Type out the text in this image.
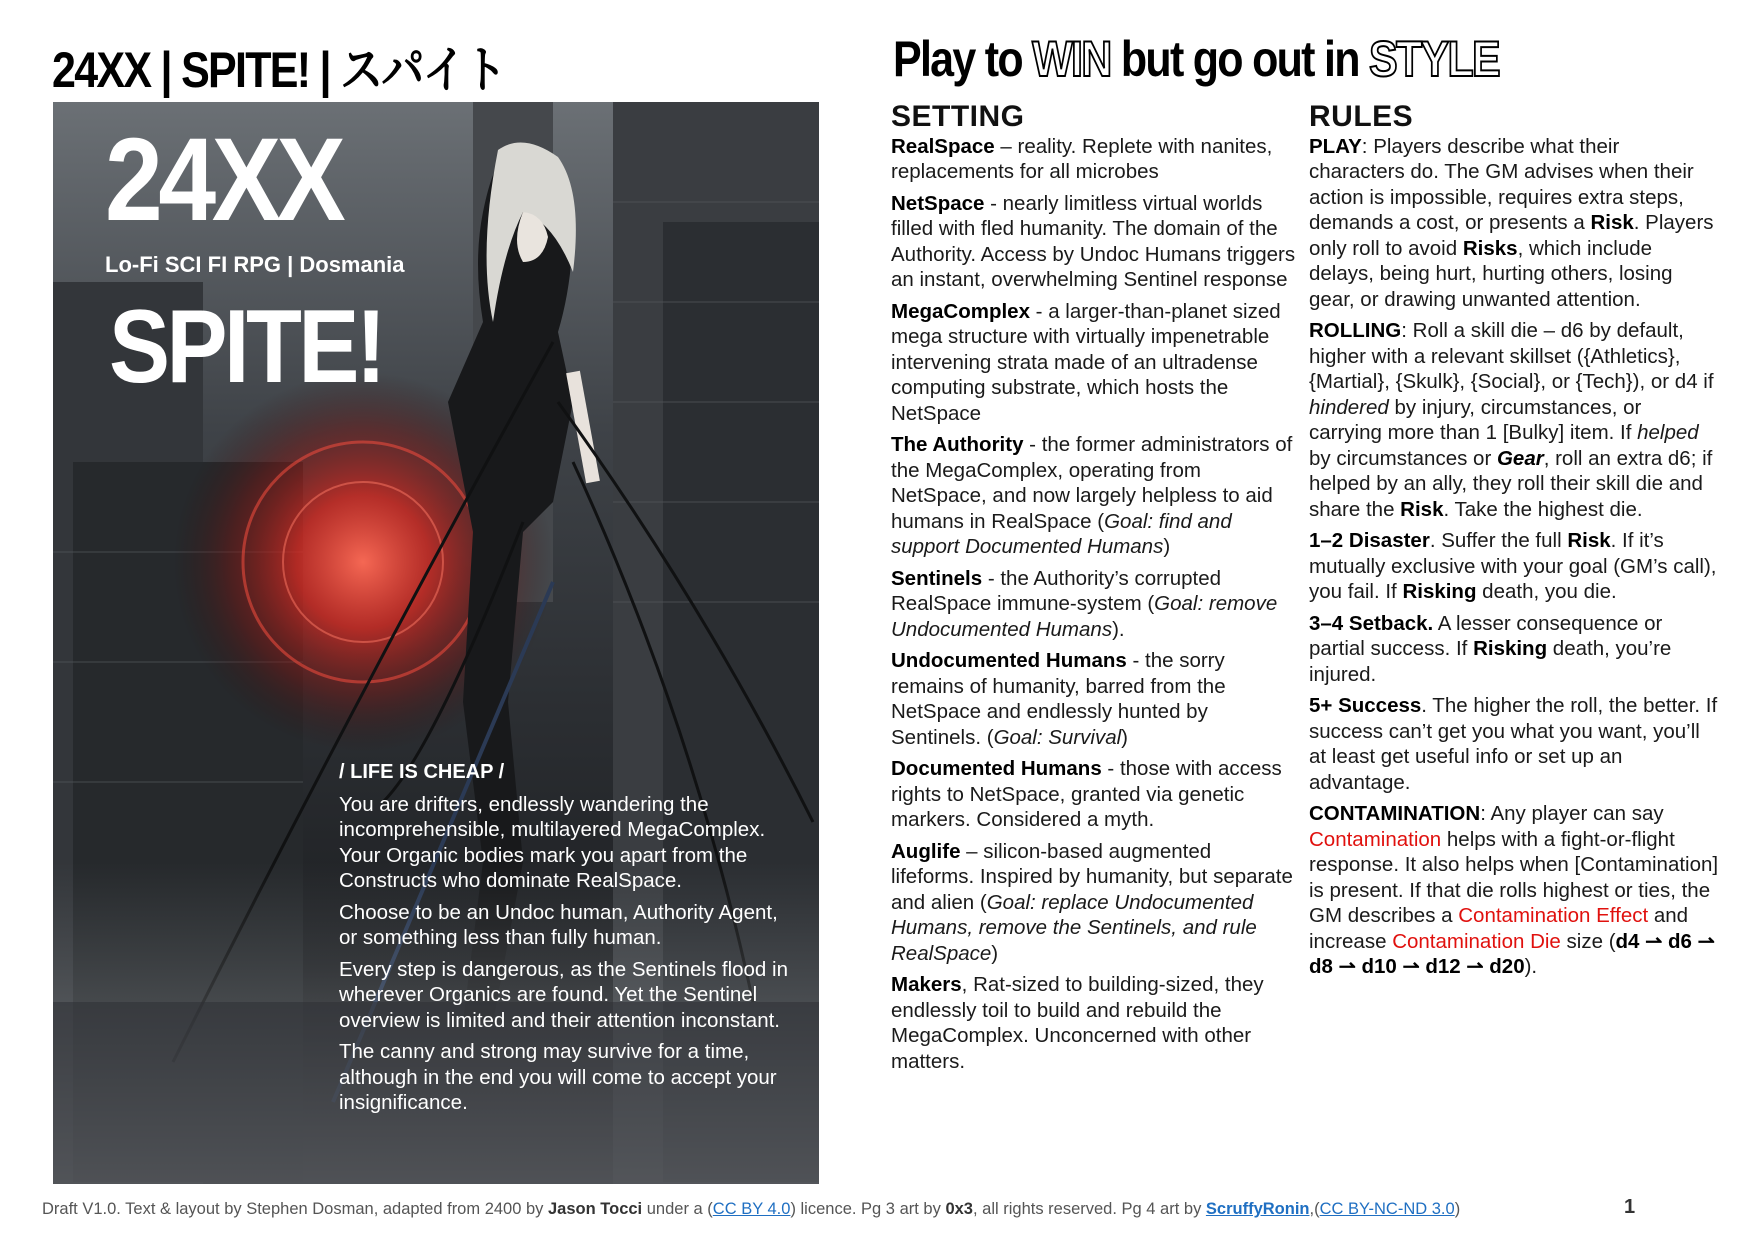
24XX | SPITE! | スパイト	Play to WIN but go out in STYLE
24XX
Lo-Fi SCI FI RPG | Dosmania
SPITE!
/ LIFE IS CHEAP /

You are drifters, endlessly wandering the incomprehensible, multilayered MegaComplex. Your Organic bodies mark you apart from the Constructs who dominate RealSpace.

Choose to be an Undoc human, Authority Agent, or something less than fully human.

Every step is dangerous, as the Sentinels flood in wherever Organics are found. Yet the Sentinel overview is limited and their attention inconstant.

The canny and strong may survive for a time, although in the end you will come to accept your insignificance.

SETTING

RealSpace – reality. Replete with nanites, replacements for all microbes

NetSpace - nearly limitless virtual worlds filled with fled humanity. The domain of the Authority. Access by Undoc Humans triggers an instant, overwhelming Sentinel response

MegaComplex - a larger-than-planet sized mega structure with virtually impenetrable intervening strata made of an ultradense computing substrate, which hosts the NetSpace

The Authority - the former administrators of the MegaComplex, operating from NetSpace, and now largely helpless to aid humans in RealSpace (Goal: find and support Documented Humans)

Sentinels - the Authority’s corrupted RealSpace immune-system (Goal: remove Undocumented Humans).

Undocumented Humans - the sorry remains of humanity, barred from the NetSpace and endlessly hunted by Sentinels. (Goal: Survival)

Documented Humans - those with access rights to NetSpace, granted via genetic markers. Considered a myth.

Auglife – silicon-based augmented lifeforms. Inspired by humanity, but separate and alien (Goal: replace Undocumented Humans, remove the Sentinels, and rule RealSpace)

Makers, Rat-sized to building-sized, they endlessly toil to build and rebuild the MegaComplex. Unconcerned with other matters.

RULES

PLAY: Players describe what their characters do. The GM advises when their action is impossible, requires extra steps, demands a cost, or presents a Risk. Players only roll to avoid Risks, which include delays, being hurt, hurting others, losing gear, or drawing unwanted attention.

ROLLING: Roll a skill die – d6 by default, higher with a relevant skillset ({Athletics}, {Martial}, {Skulk}, {Social}, or {Tech}), or d4 if hindered by injury, circumstances, or carrying more than 1 [Bulky] item. If helped by circumstances or Gear, roll an extra d6; if helped by an ally, they roll their skill die and share the Risk. Take the highest die.

1–2 Disaster. Suffer the full Risk. If it’s mutually exclusive with your goal (GM’s call), you fail. If Risking death, you die.

3–4 Setback. A lesser consequence or partial success. If Risking death, you’re injured.

5+ Success. The higher the roll, the better. If success can’t get you what you want, you’ll at least get useful info or set up an advantage.

CONTAMINATION: Any player can say Contamination helps with a fight-or-flight response. It also helps when [Contamination] is present. If that die rolls highest or ties, the GM describes a Contamination Effect and increase Contamination Die size (d4 ⇀ d6 ⇀ d8 ⇀ d10 ⇀ d12 ⇀ d20).

Draft V1.0. Text & layout by Stephen Dosman, adapted from 2400 by Jason Tocci under a (CC BY 4.0) licence. Pg 3 art by 0x3, all rights reserved. Pg 4 art by ScruffyRonin,(CC BY-NC-ND 3.0)	1
